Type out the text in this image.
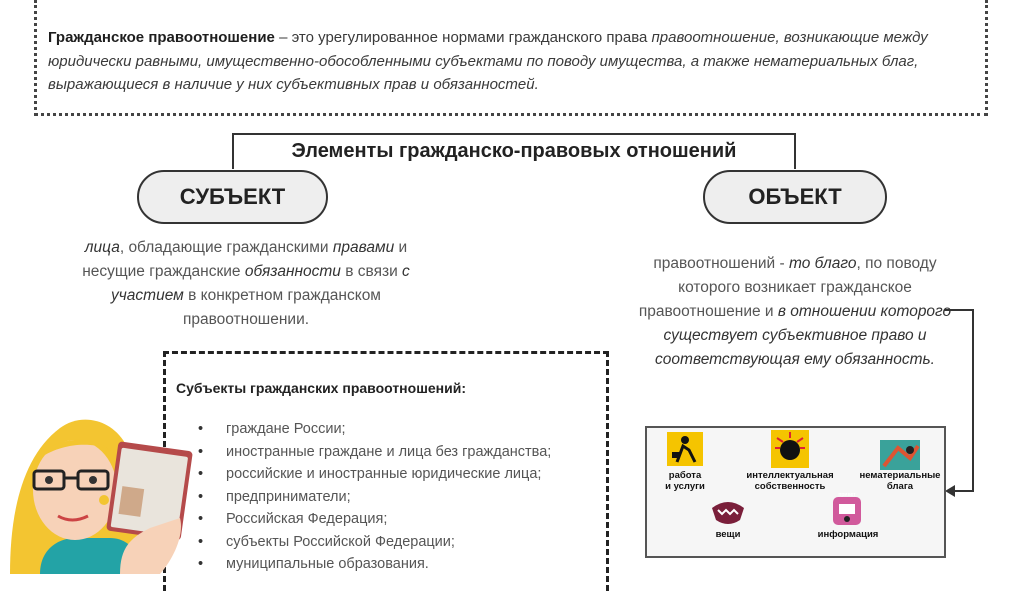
Гражданское правоотношение – это урегулированное нормами гражданского права правоотношение, возникающие между юридически равными, имущественно-обособленными субъектами по поводу имущества, а также нематериальных благ, выражающиеся в наличие у них субъективных прав и обязанностей.
Элементы гражданско-правовых отношений
СУБЪЕКТ	ОБЪЕКТ
лица, обладающие гражданскими правами и несущие гражданские обязанности в связи с участием в конкретном гражданском правоотношении.
правоотношений - то благо, по поводу которого возникает гражданское правоотношение и в отношении которого существует субъективное право и соответствующая ему обязанность.
Субъекты гражданских правоотношений:
• граждане России;
• иностранные граждане и лица без гражданства;
• российские и иностранные юридические лица;
• предприниматели;
• Российская Федерация;
• субъекты Российской Федерации;
• муниципальные образования.
работа
и услуги
интеллектуальная
собственность
нематериальные
блага
вещи
привет
информация
